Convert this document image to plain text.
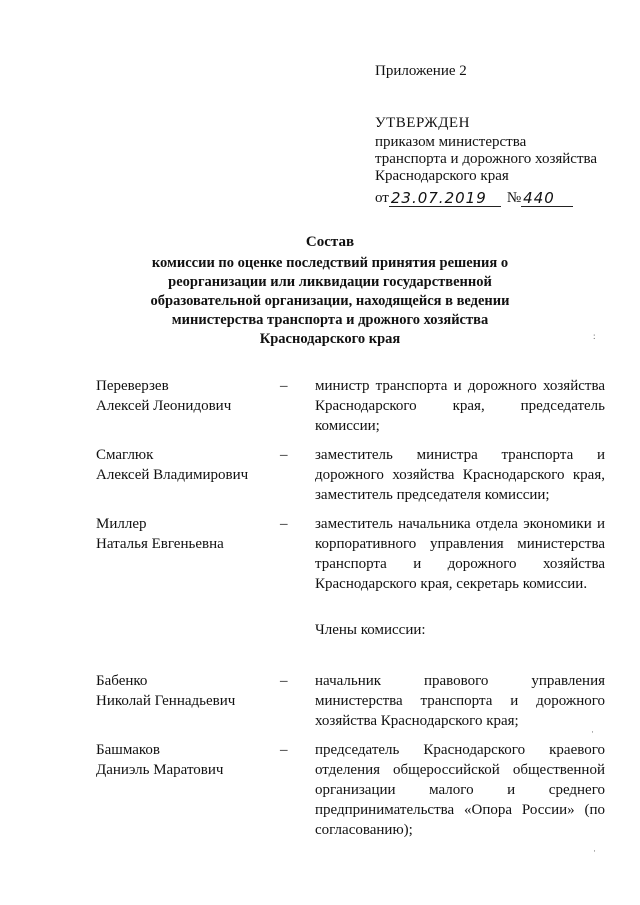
Приложение 2
УТВЕРЖДЕН
приказом министерства
транспорта и дорожного хозяйства
Краснодарского края
от 23.07.2019	№ 440
Состав
комиссии по оценке последствий принятия решения о
реорганизации или ликвидации государственной
образовательной организации, находящейся в ведении
министерства транспорта и дрожного хозяйства
Краснодарского края
Переверзев
Алексей Леонидович
– министр транспорта и дорожного хозяйства Краснодарского края, председатель комиссии;
Смаглюк
Алексей Владимирович
– заместитель министра транспорта и дорожного хозяйства Краснодарского края, заместитель председателя комиссии;
Миллер
Наталья Евгеньевна
– заместитель начальника отдела экономики и корпоративного управления министерства транспорта и дорожного хозяйства Краснодарского края, секретарь комиссии.
Члены комиссии:
Бабенко
Николай Геннадьевич
– начальник правового управления министерства транспорта и дорожного хозяйства Краснодарского края;
Башмаков
Даниэль Маратович
– председатель Краснодарского краевого отделения общероссийской общественной организации малого и среднего предпринимательства «Опора России» (по согласованию);
:
·
·
